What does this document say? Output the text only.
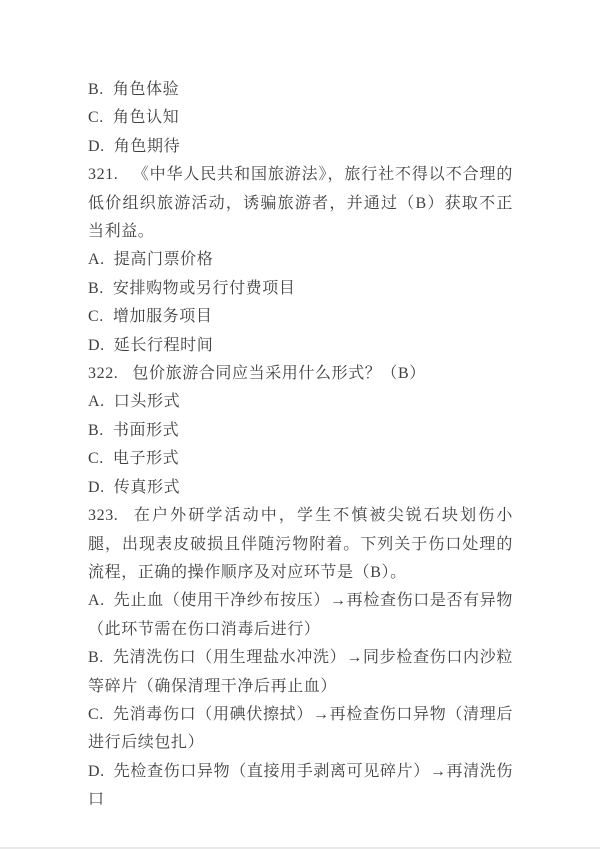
B. 角色体验

C. 角色认知

D. 角色期待

321. 《中华人民共和国旅游法》，旅行社不得以不合理的低价组织旅游活动，诱骗旅游者，并通过（B）获取不正当利益。

A. 提高门票价格

B. 安排购物或另行付费项目

C. 增加服务项目

D. 延长行程时间

322. 包价旅游合同应当采用什么形式？（B）

A. 口头形式

B. 书面形式

C. 电子形式

D. 传真形式

323. 在户外研学活动中，学生不慎被尖锐石块划伤小腿，出现表皮破损且伴随污物附着。下列关于伤口处理的流程，正确的操作顺序及对应环节是（B）。

A. 先止血（使用干净纱布按压）→再检查伤口是否有异物（此环节需在伤口消毒后进行）

B. 先清洗伤口（用生理盐水冲洗）→同步检查伤口内沙粒等碎片（确保清理干净后再止血）

C. 先消毒伤口（用碘伏擦拭）→再检查伤口异物（清理后进行后续包扎）

D. 先检查伤口异物（直接用手剥离可见碎片）→再清洗伤口
